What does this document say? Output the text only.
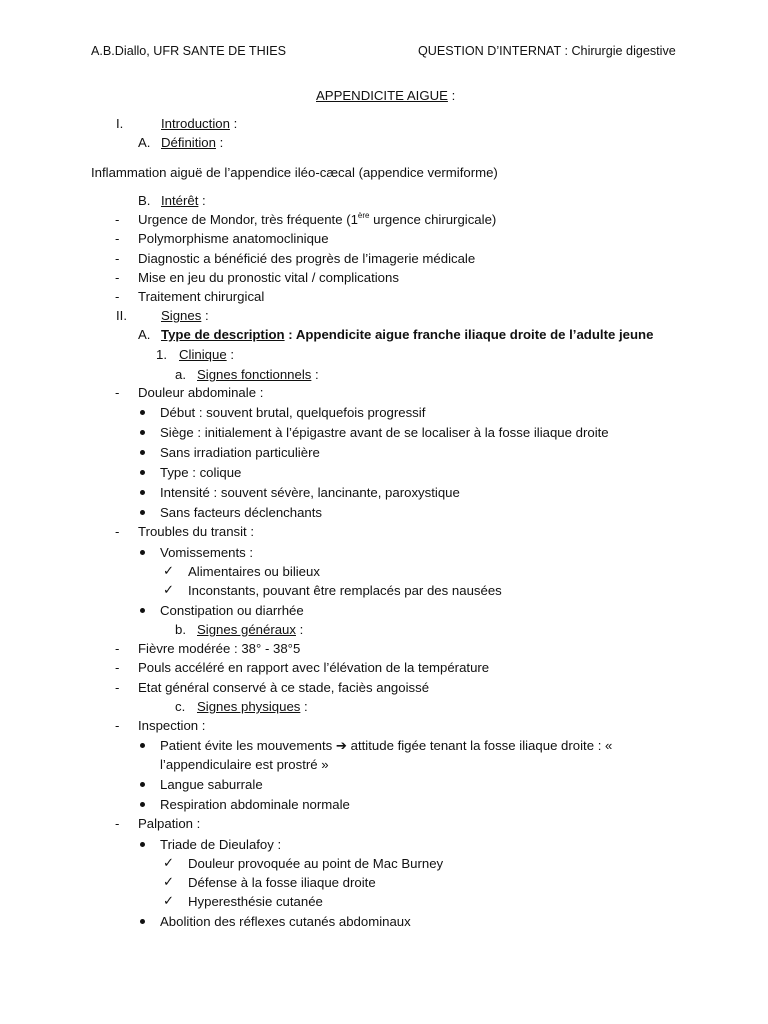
A.B.Diallo, UFR SANTE DE THIES	QUESTION D’INTERNAT : Chirurgie digestive
APPENDICITE AIGUE :
I.	Introduction :
A. Définition :
Inflammation aiguë de l’appendice iléo-cæcal (appendice vermiforme)
B. Intérêt :
- Urgence de Mondor, très fréquente (1ère urgence chirurgicale)
- Polymorphisme anatomoclinique
- Diagnostic a bénéficié des progrès de l’imagerie médicale
- Mise en jeu du pronostic vital / complications
- Traitement chirurgical
II.	Signes :
A. Type de description : Appendicite aigue franche iliaque droite de l’adulte jeune
1. Clinique :
a. Signes fonctionnels :
- Douleur abdominale :
Début : souvent brutal, quelquefois progressif
Siège : initialement à l’épigastre avant de se localiser à la fosse iliaque droite
Sans irradiation particulière
Type : colique
Intensité : souvent sévère, lancinante, paroxystique
Sans facteurs déclenchants
- Troubles du transit :
Vomissements :
✓ Alimentaires ou bilieux
✓ Inconstants, pouvant être remplacés par des nausées
Constipation ou diarrhée
b. Signes généraux :
- Fièvre modérée : 38° - 38°5
- Pouls accéléré en rapport avec l’élévation de la température
- Etat général conservé à ce stade, faciès angoissé
c. Signes physiques :
- Inspection :
Patient évite les mouvements ➔ attitude figée tenant la fosse iliaque droite : «
l’appendiculaire est prostré »
Langue saburrale
Respiration abdominale normale
- Palpation :
Triade de Dieulafoy :
✓ Douleur provoquée au point de Mac Burney
✓ Défense à la fosse iliaque droite
✓ Hyperesthésie cutanée
Abolition des réflexes cutanés abdominaux
